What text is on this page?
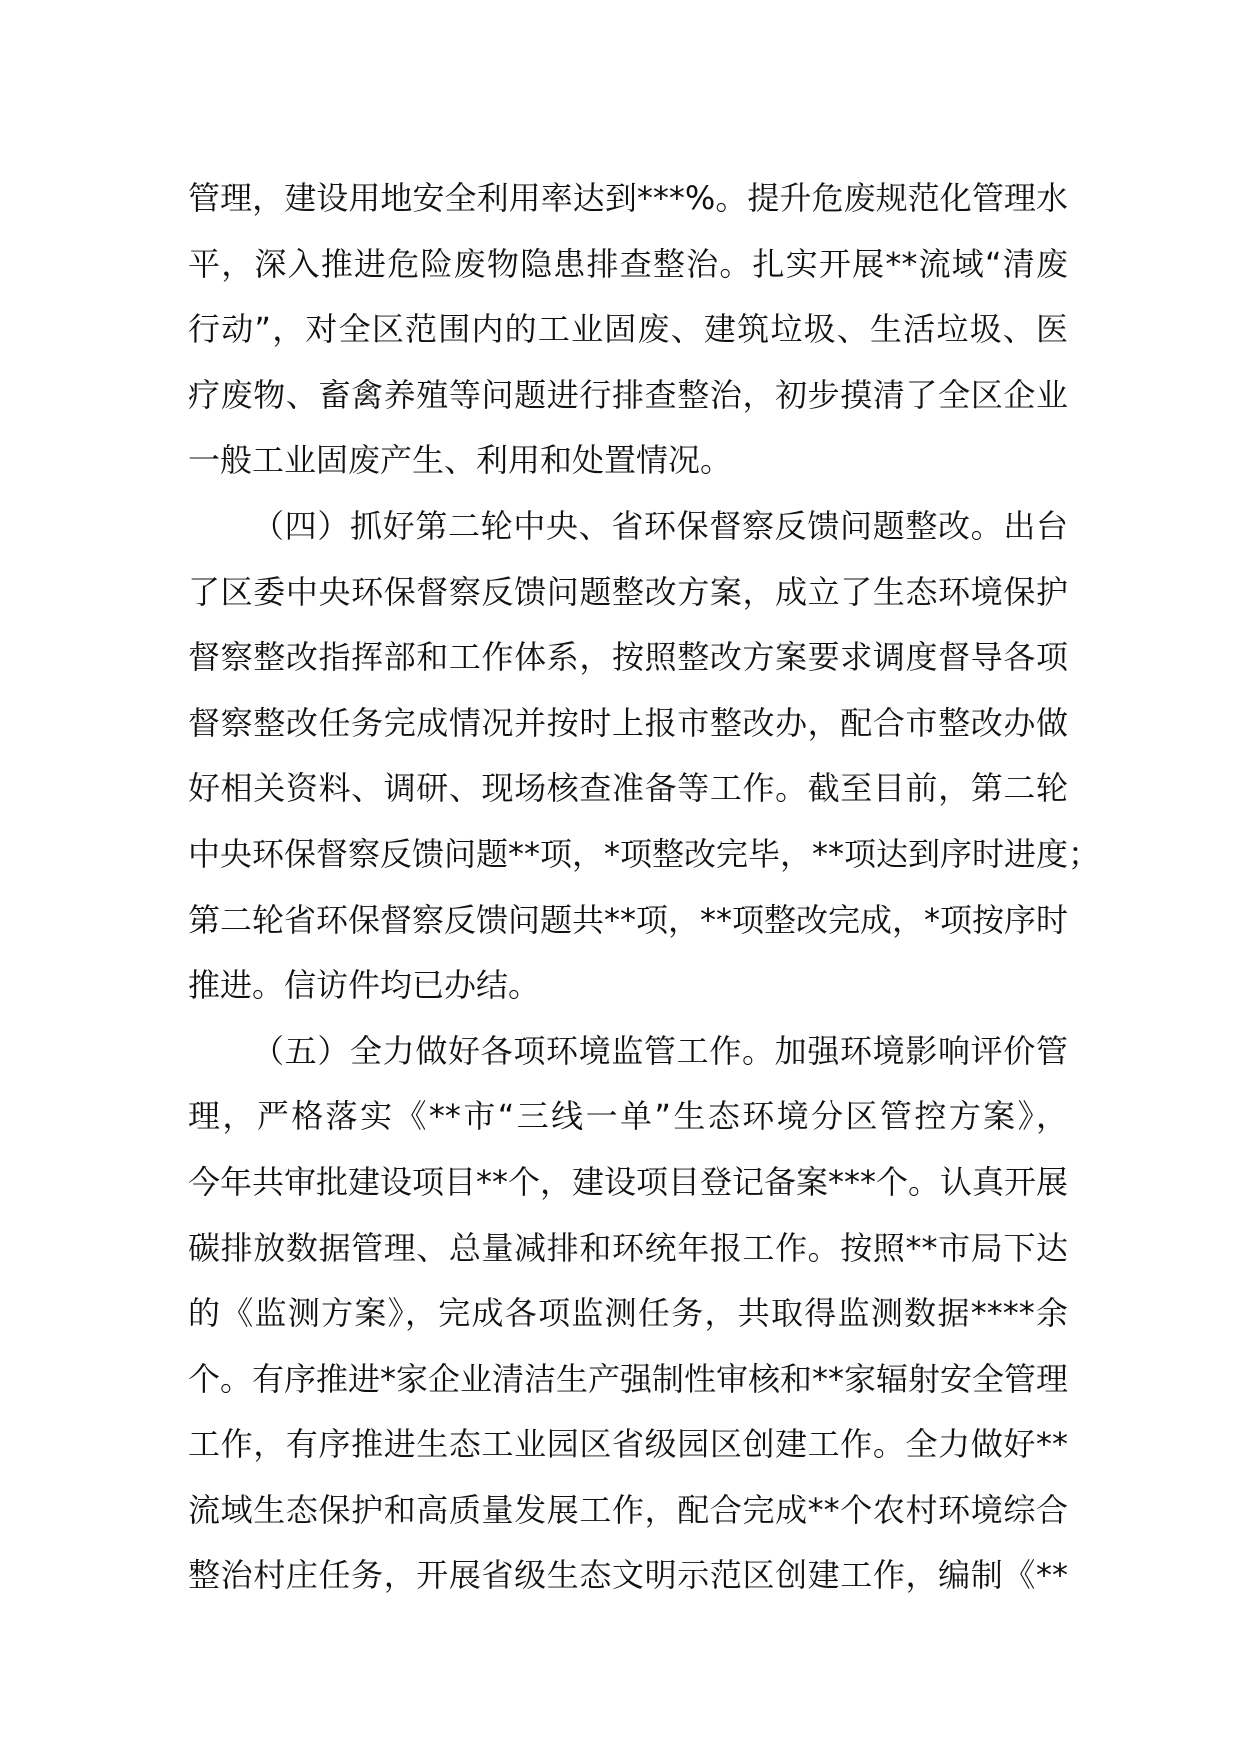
管理，建设用地安全利用率达到***%。提升危废规范化管理水
平，深入推进危险废物隐患排查整治。扎实开展**流域“清废
行动”，对全区范围内的工业固废、建筑垃圾、生活垃圾、医
疗废物、畜禽养殖等问题进行排查整治，初步摸清了全区企业
一般工业固废产生、利用和处置情况。
（四）抓好第二轮中央、省环保督察反馈问题整改。出台
了区委中央环保督察反馈问题整改方案，成立了生态环境保护
督察整改指挥部和工作体系，按照整改方案要求调度督导各项
督察整改任务完成情况并按时上报市整改办，配合市整改办做
好相关资料、调研、现场核查准备等工作。截至目前，第二轮
中央环保督察反馈问题**项，*项整改完毕，**项达到序时进度；
第二轮省环保督察反馈问题共**项，**项整改完成，*项按序时
推进。信访件均已办结。
（五）全力做好各项环境监管工作。加强环境影响评价管
理，严格落实《**市“三线一单”生态环境分区管控方案》，
今年共审批建设项目**个，建设项目登记备案***个。认真开展
碳排放数据管理、总量减排和环统年报工作。按照**市局下达
的《监测方案》，完成各项监测任务，共取得监测数据****余
个。有序推进*家企业清洁生产强制性审核和**家辐射安全管理
工作，有序推进生态工业园区省级园区创建工作。全力做好**
流域生态保护和高质量发展工作，配合完成**个农村环境综合
整治村庄任务，开展省级生态文明示范区创建工作，编制《**
